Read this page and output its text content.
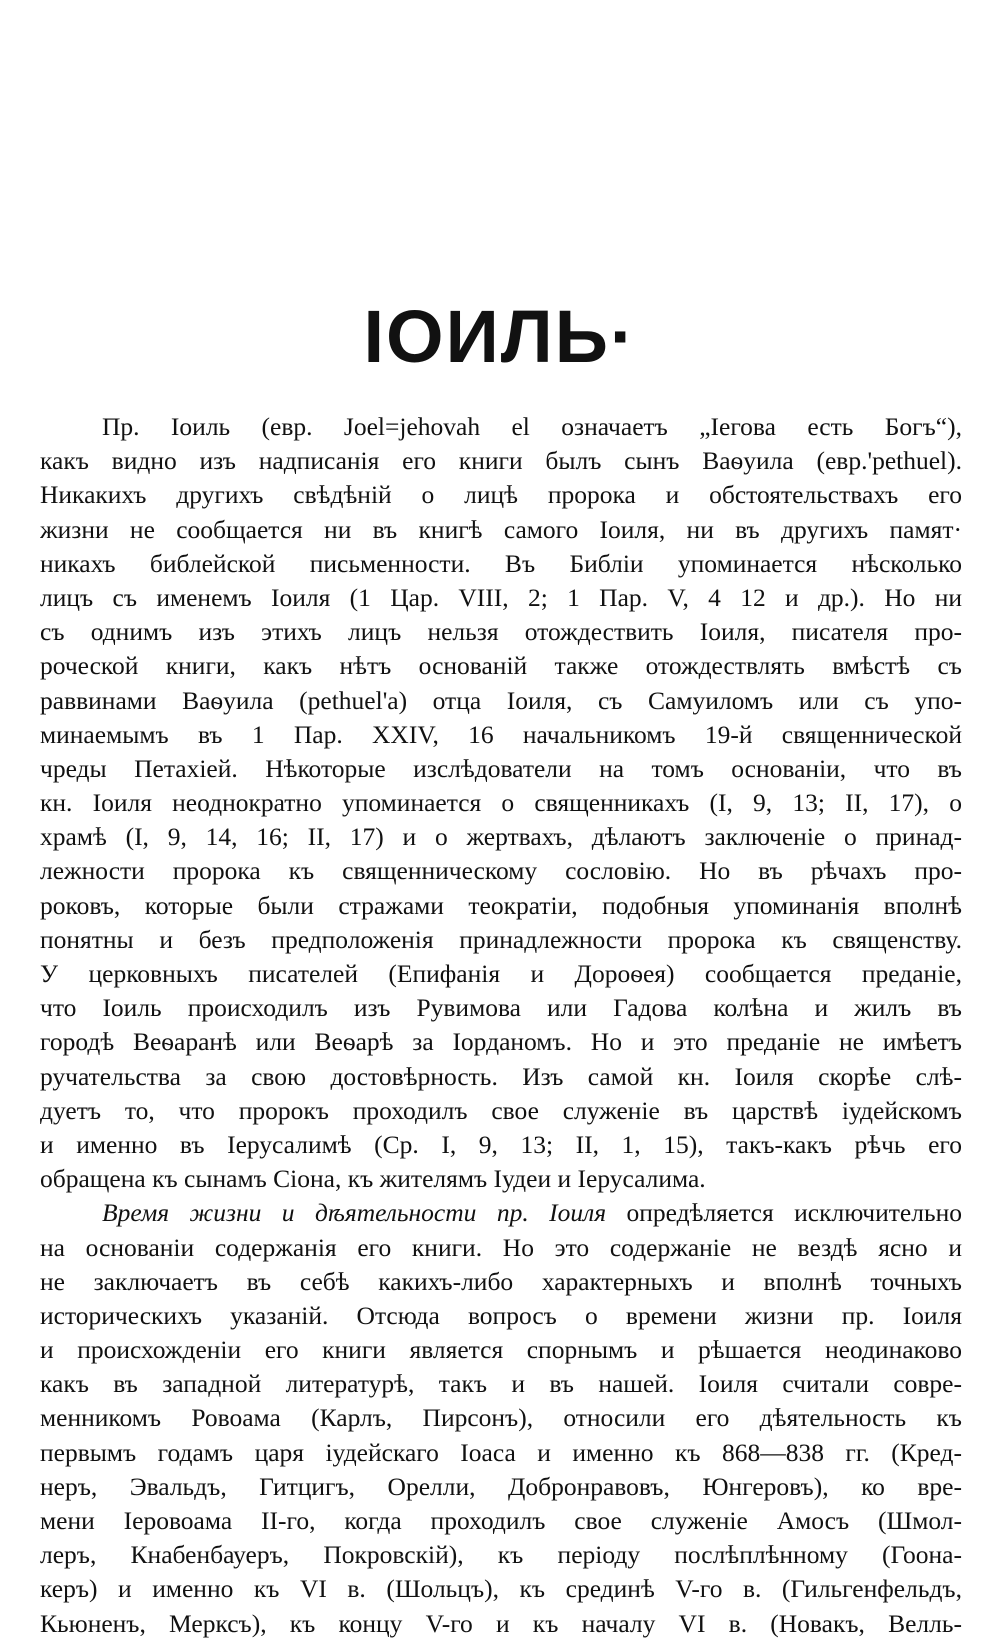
IОИЛЬ·
Пр. Іоиль (евр. Joel=jehovah el означаетъ „Іегова есть Богъ“),
какъ видно изъ надписанія его книги былъ сынъ Ваѳуила (евр.'pethuel).
Никакихъ другихъ свѣдѣній о лицѣ пророка и обстоятельствахъ его
жизни не сообщается ни въ книгѣ самого Іоиля, ни въ другихъ памят·
никахъ библейской письменности. Въ Библіи упоминается нѣсколько
лицъ съ именемъ Іоиля (1 Цар. VIII, 2; 1 Пар. V, 4 12 и др.). Но ни
съ однимъ изъ этихъ лицъ нельзя отождествить Іоиля, писателя про-
роческой книги, какъ нѣтъ основаній также отождествлять вмѣстѣ съ
раввинами Ваѳуила (pethuel'a) отца Іоиля, съ Самуиломъ или съ упо-
минаемымъ въ 1 Пар. XXIV, 16 начальникомъ 19-й священнической
чреды Петахіей. Нѣкоторые изслѣдователи на томъ основаніи, что въ
кн. Іоиля неоднократно упоминается о священникахъ (I, 9, 13; II, 17), о
храмѣ (I, 9, 14, 16; II, 17) и о жертвахъ, дѣлаютъ заключеніе о принад-
лежности пророка къ священническому сословію. Но въ рѣчахъ про-
роковъ, которые были стражами теократіи, подобныя упоминанія вполнѣ
понятны и безъ предположенія принадлежности пророка къ священству.
У церковныхъ писателей (Епифанія и Дороѳея) сообщается преданіе,
что Іоиль происходилъ изъ Рувимова или Гадова колѣна и жилъ въ
городѣ Веѳаранѣ или Веѳарѣ за Іорданомъ. Но и это преданіе не имѣетъ
ручательства за свою достовѣрность. Изъ самой кн. Іоиля скорѣе слѣ-
дуетъ то, что пророкъ проходилъ свое служеніе въ царствѣ іудейскомъ
и именно въ Іерусалимѣ (Ср. I, 9, 13; II, 1, 15), такъ-какъ рѣчь его
обращена къ сынамъ Сіона, къ жителямъ Іудеи и Іерусалима.
Время жизни и дѣятельности пр. Іоиля опредѣляется исключительно
на основаніи содержанія его книги. Но это содержаніе не вездѣ ясно и
не заключаетъ въ себѣ какихъ-либо характерныхъ и вполнѣ точныхъ
историческихъ указаній. Отсюда вопросъ о времени жизни пр. Іоиля
и происхожденіи его книги является спорнымъ и рѣшается неодинаково
какъ въ западной литературѣ, такъ и въ нашей. Іоиля считали совре-
менникомъ Ровоама (Карлъ, Пирсонъ), относили его дѣятельность къ
первымъ годамъ царя іудейскаго Іоаса и именно къ 868—838 гг. (Кред-
неръ, Эвальдъ, Гитцигъ, Орелли, Добронравовъ, Юнгеровъ), ко вре-
мени Іеровоама II-го, когда проходилъ свое служеніе Амосъ (Шмол-
леръ, Кнабенбауеръ, Покровскій), къ періоду послѣплѣнному (Гоона-
керъ) и именно къ VI в. (Шольцъ), къ срединѣ V-го в. (Гильгенфельдъ,
Кьюненъ, Мерксъ), къ концу V-го и къ началу VI в. (Новакъ, Велль-
